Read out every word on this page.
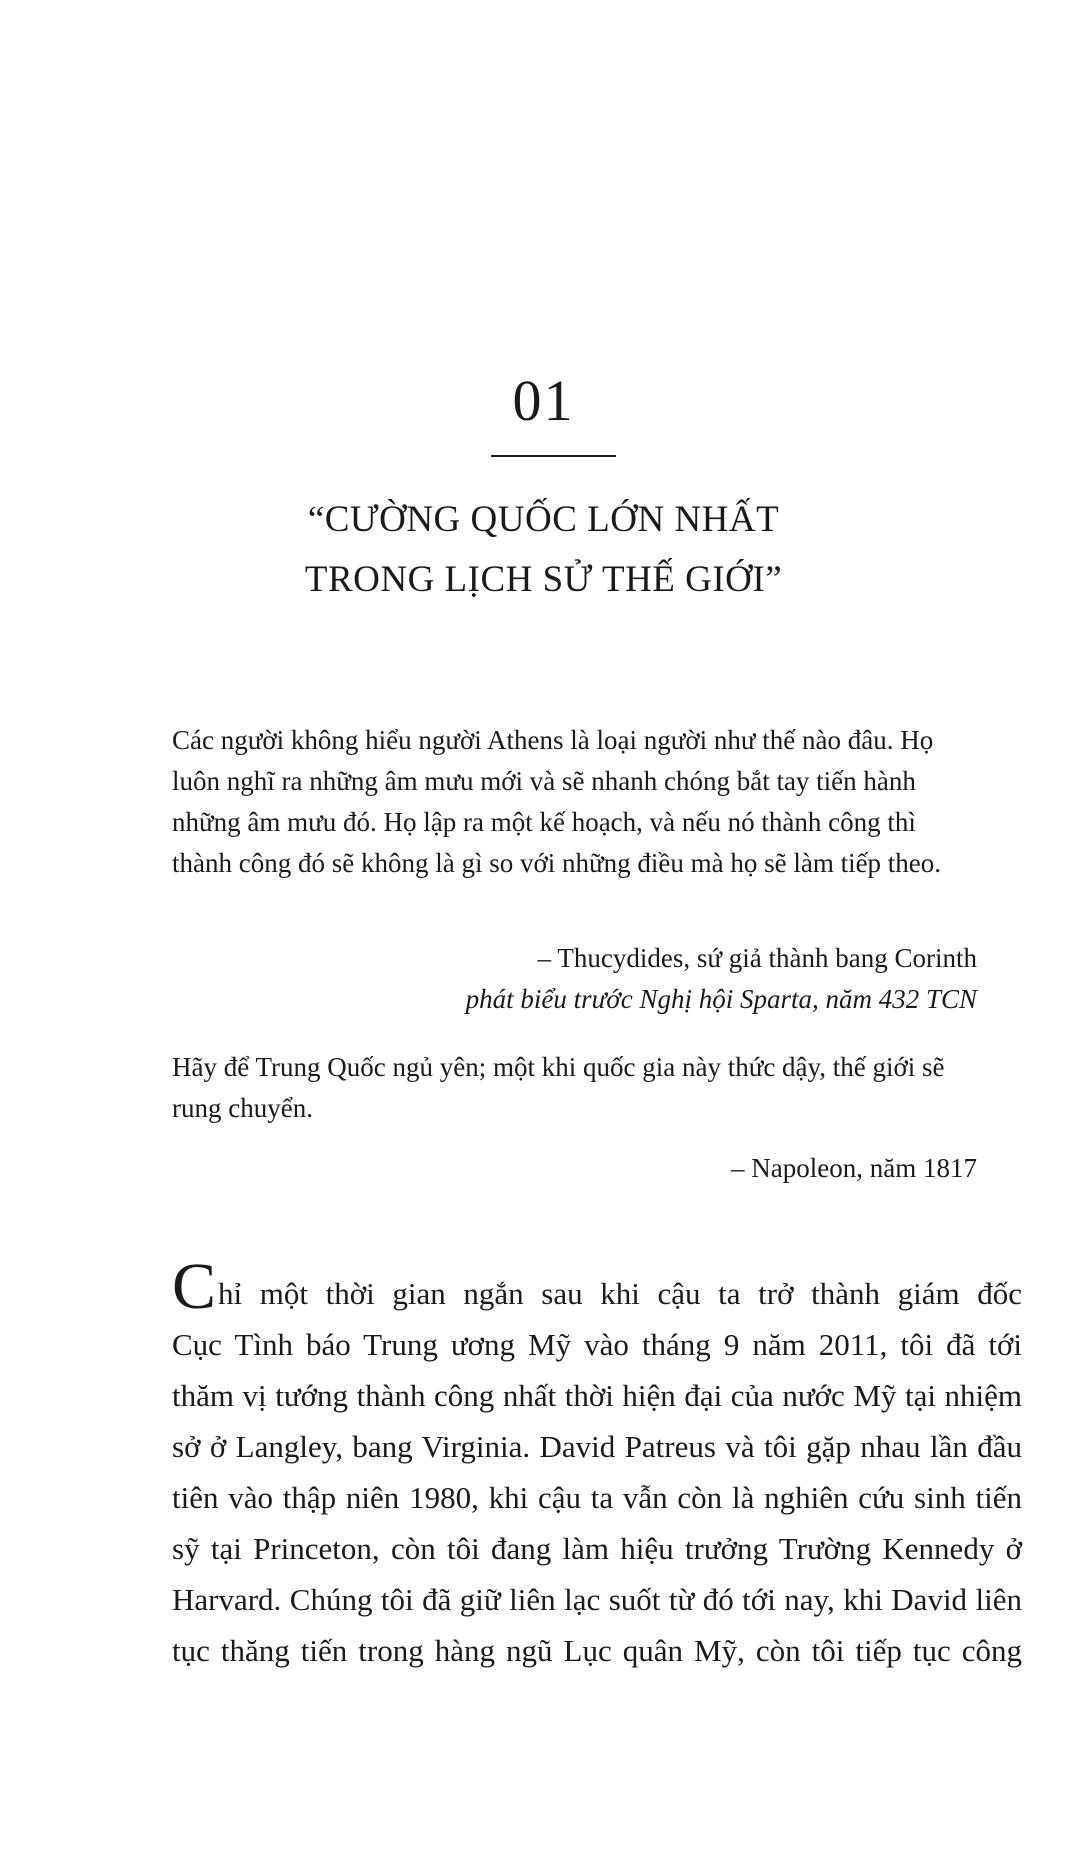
01
“CƯỜNG QUỐC LỚN NHẤT
TRONG LỊCH SỬ THẾ GIỚI”
Các người không hiểu người Athens là loại người như thế nào đâu. Họ luôn nghĩ ra những âm mưu mới và sẽ nhanh chóng bắt tay tiến hành những âm mưu đó. Họ lập ra một kế hoạch, và nếu nó thành công thì thành công đó sẽ không là gì so với những điều mà họ sẽ làm tiếp theo.
– Thucydides, sứ giả thành bang Corinth
phát biểu trước Nghị hội Sparta, năm 432 TCN
Hãy để Trung Quốc ngủ yên; một khi quốc gia này thức dậy, thế giới sẽ rung chuyển.
– Napoleon, năm 1817
Chỉ một thời gian ngắn sau khi cậu ta trở thành giám đốc
Cục Tình báo Trung ương Mỹ vào tháng 9 năm 2011, tôi đã tới
thăm vị tướng thành công nhất thời hiện đại của nước Mỹ tại nhiệm
sở ở Langley, bang Virginia. David Patreus và tôi gặp nhau lần đầu
tiên vào thập niên 1980, khi cậu ta vẫn còn là nghiên cứu sinh tiến
sỹ tại Princeton, còn tôi đang làm hiệu trưởng Trường Kennedy ở
Harvard. Chúng tôi đã giữ liên lạc suốt từ đó tới nay, khi David liên
tục thăng tiến trong hàng ngũ Lục quân Mỹ, còn tôi tiếp tục công
